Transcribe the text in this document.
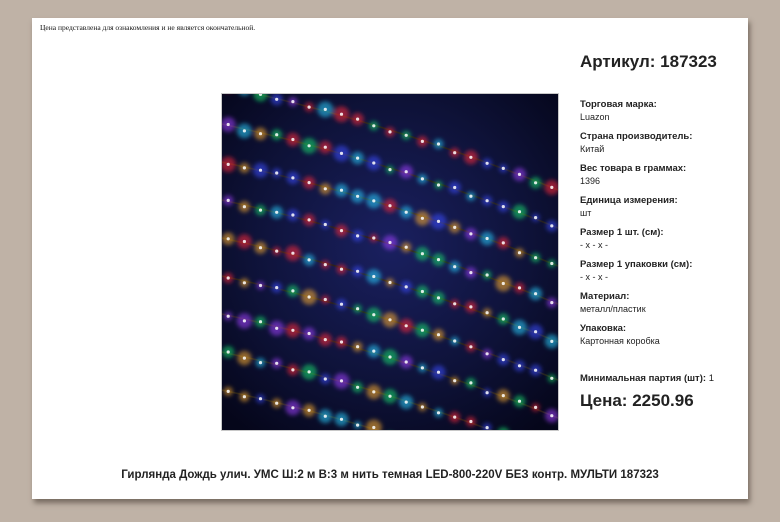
Цена представлена для ознакомления и не является окончательной.
Артикул: 187323
Торговая марка:
Luazon
Страна производитель:
Китай
Вес товара в граммах:
1396
Единица измерения:
шт
Размер 1 шт. (см):
- х - х -
Размер 1 упаковки (см):
- х - х -
Материал:
металл/пластик
Упаковка:
Картонная коробка
Минимальная партия (шт): 1
Цена: 2250.96
Гирлянда Дождь улич. УМС Ш:2 м В:3 м нить темная LED-800-220V БЕЗ контр. МУЛЬТИ 187323
